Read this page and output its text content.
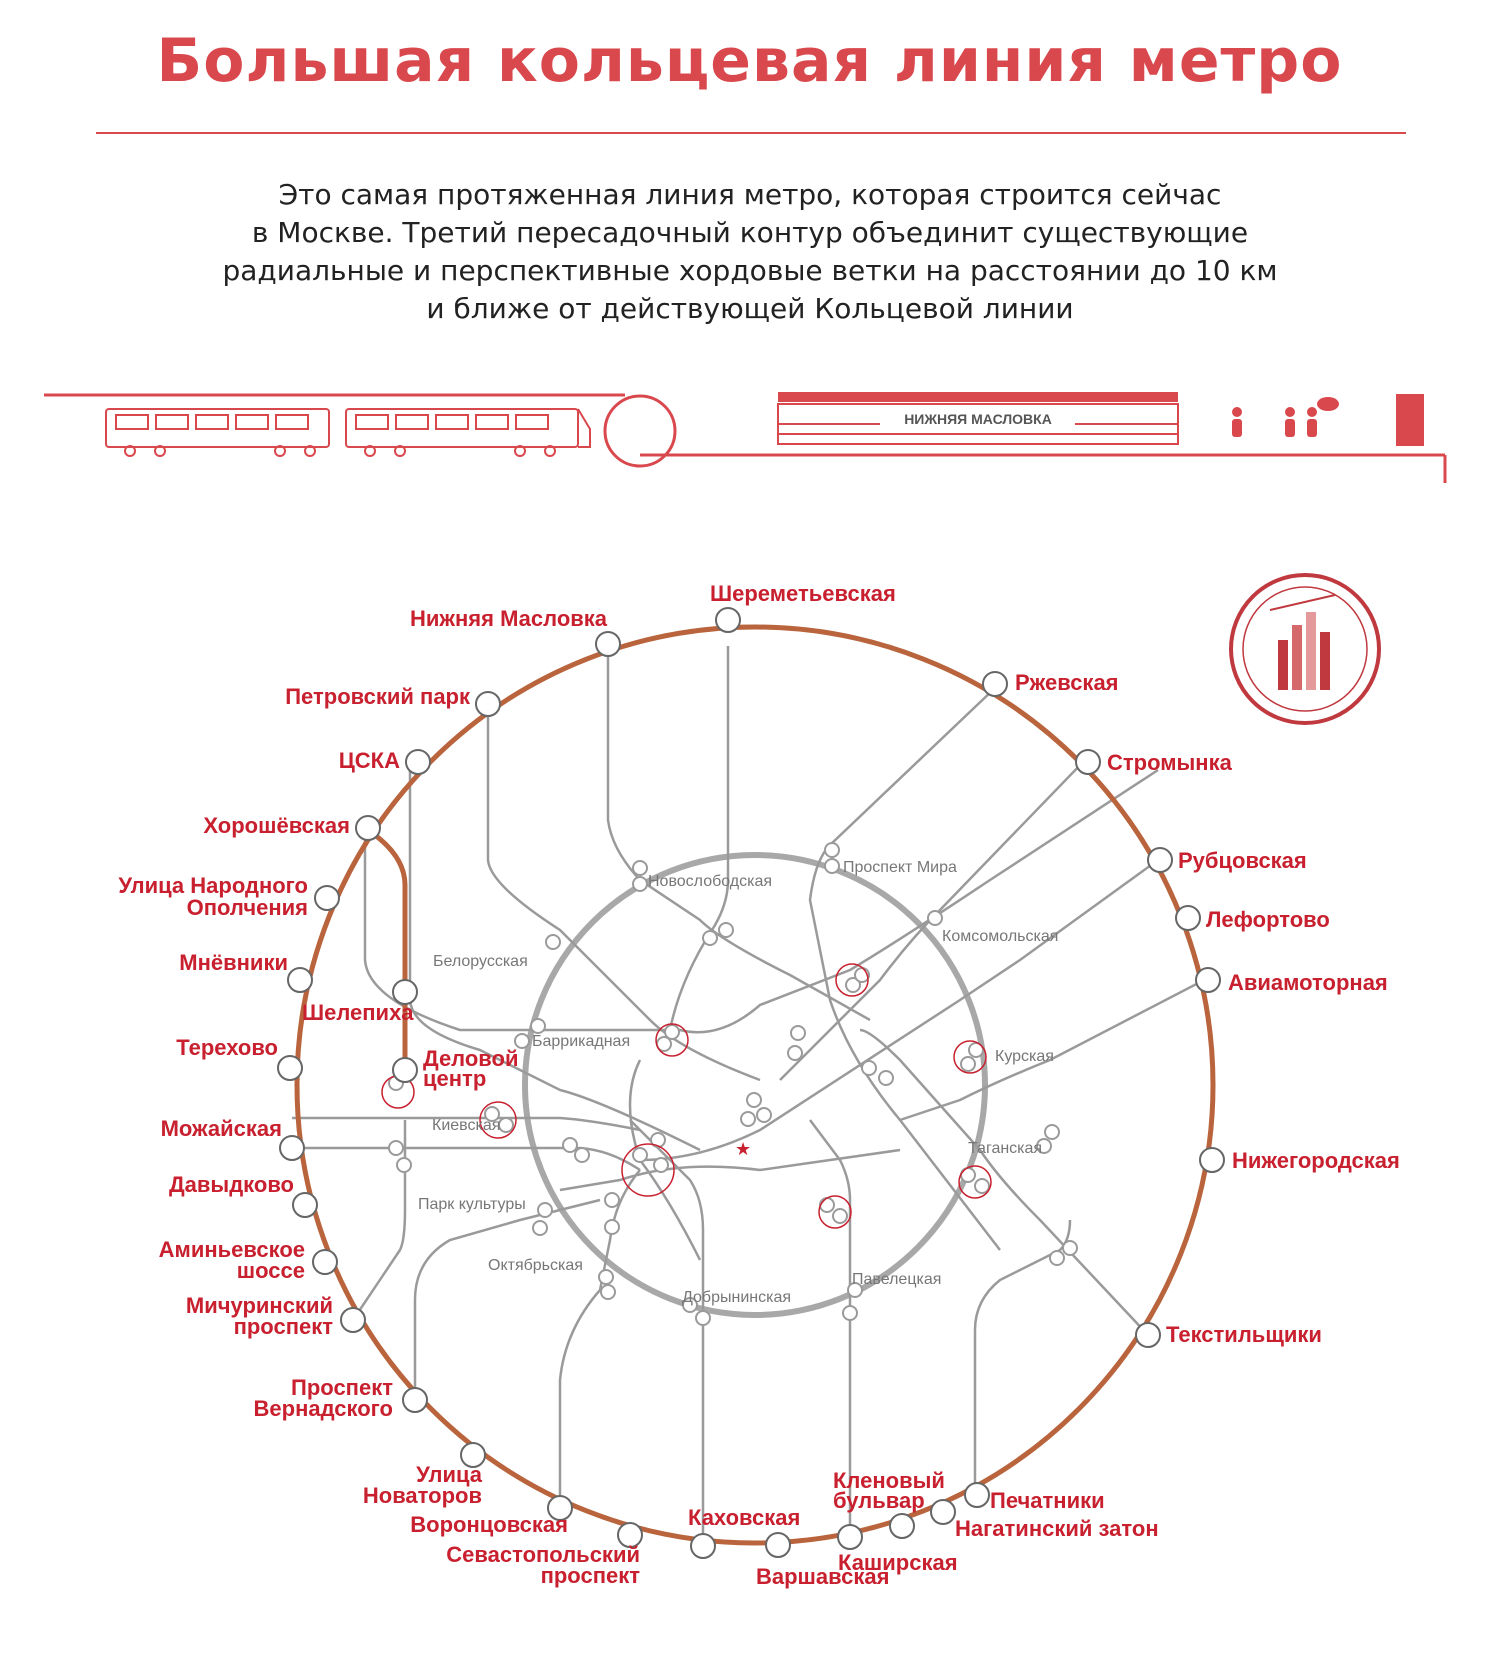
Большая кольцевая линия метро

Это самая протяженная линия метро, которая строится сейчас
в Москве. Третий пересадочный контур объединит существующие
радиальные и перспективные хордовые ветки на расстоянии до 10 км
и ближе от действующей Кольцевой линии

НИЖНЯЯ МАСЛОВКА
★
Шереметьевская
Нижняя Масловка
Петровский парк
ЦСКА
Хорошёвская
Улица Народного Ополчения
Мнёвники
Шелепиха
Терехово	Деловой центр
Можайская
Давыдково
Аминьевское шоссе
Мичуринский проспект
Проспект Вернадского
Улица Новаторов
Воронцовская
Севастопольский проспект
Каховская
Варшавская
Каширская
Кленовый бульвар
Нагатинский затон
Печатники
Текстильщики
Нижегородская
Авиамоторная
Лефортово
Рубцовская
Стромынка
Ржевская
Новослободская
Проспект Мира
Комсомольская
Белорусская
Баррикадная
Курская
Киевская
Таганская
Парк культуры
Октябрьская
Добрынинская
Павелецкая
